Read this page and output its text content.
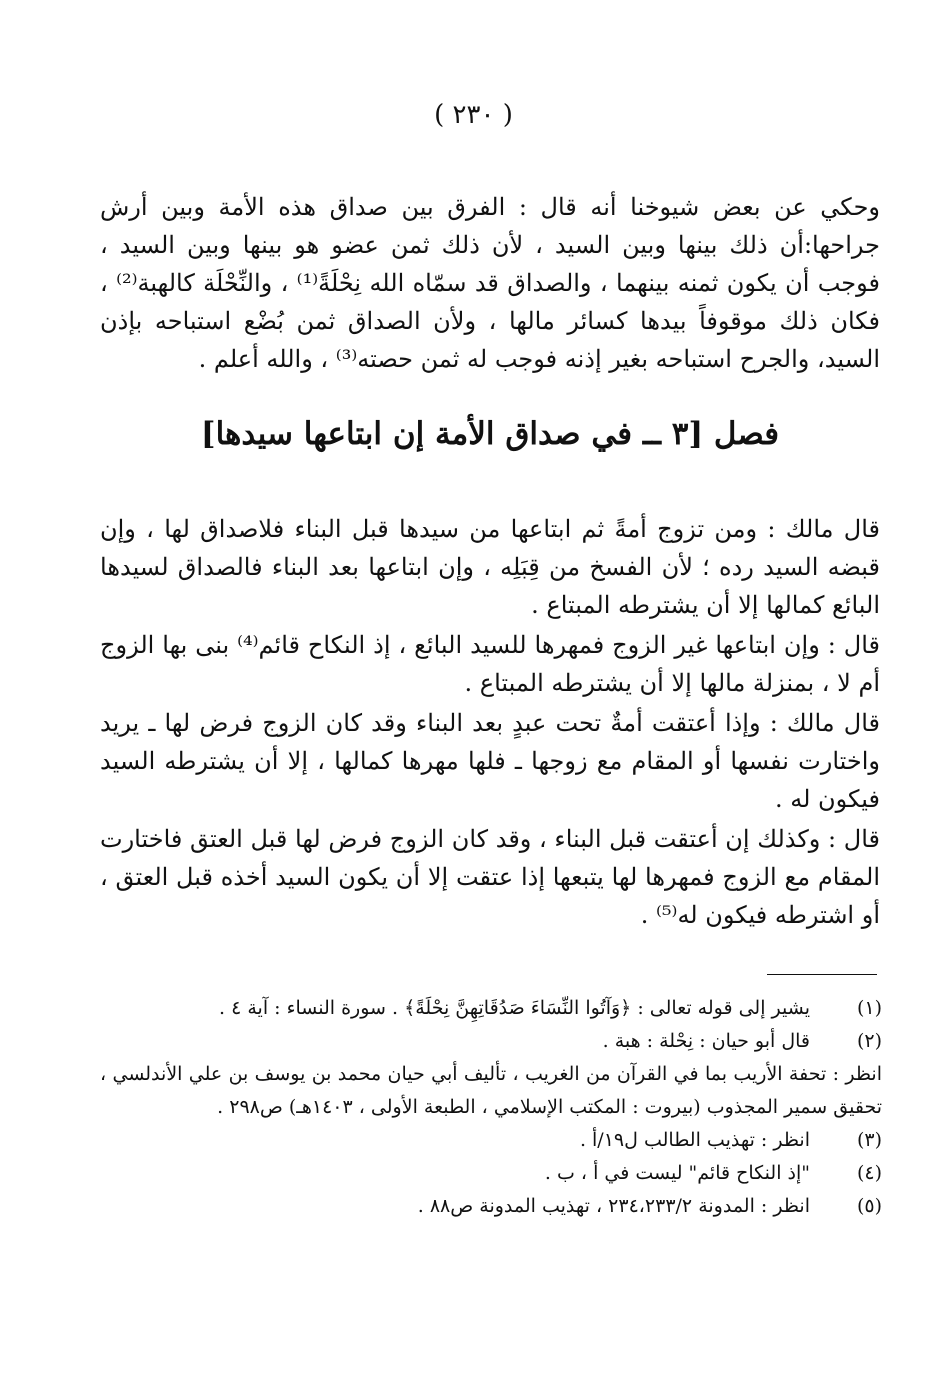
( ٢٣٠ )

وحكي عن بعض شيوخنا أنه قال : الفرق بين صداق هذه الأمة وبين أرش جراحها:أن ذلك بينها وبين السيد ، لأن ذلك ثمن عضو هو بينها وبين السيد ، فوجب أن يكون ثمنه بينهما ، والصداق قد سمّاه الله نِحْلَةً⁽¹⁾ ، والنِّحْلَة كالهبة⁽²⁾ ، فكان ذلك موقوفاً بيدها كسائر مالها ، ولأن الصداق ثمن بُضْع استباحه بإذن السيد، والجرح استباحه بغير إذنه فوجب له ثمن حصته⁽³⁾ ، والله أعلم .

فصل [٣ ــ في صداق الأمة إن ابتاعها سيدها]

قال مالك : ومن تزوج أمةً ثم ابتاعها من سيدها قبل البناء فلاصداق لها ، وإن قبضه السيد رده ؛ لأن الفسخ من قِبَلِه ، وإن ابتاعها بعد البناء فالصداق لسيدها البائع كمالها إلا أن يشترطه المبتاع .

قال : وإن ابتاعها غير الزوج فمهرها للسيد البائع ، إذ النكاح قائم⁽⁴⁾ بنى بها الزوج أم لا ، بمنزلة مالها إلا أن يشترطه المبتاع .

قال مالك : وإذا أعتقت أمةٌ تحت عبدٍ بعد البناء وقد كان الزوج فرض لها ـ يريد واختارت نفسها أو المقام مع زوجها ـ فلها مهرها كمالها ، إلا أن يشترطه السيد فيكون له .

قال : وكذلك إن أعتقت قبل البناء ، وقد كان الزوج فرض لها قبل العتق فاختارت المقام مع الزوج فمهرها لها يتبعها إذا عتقت إلا أن يكون السيد أخذه قبل العتق ، أو اشترطه فيكون له⁽⁵⁾ .

(١)
يشير إلى قوله تعالى : ﴿وَآتُوا النِّسَاءَ صَدُقَاتِهِنَّ نِحْلَةً﴾ . سورة النساء : آية ٤ .
(٢)
قال أبو حيان : نِحْلة : هبة .
انظر : تحفة الأريب بما في القرآن من الغريب ، تأليف أبي حيان محمد بن يوسف بن علي الأندلسي ، تحقيق سمير المجذوب (بيروت : المكتب الإسلامي ، الطبعة الأولى ، ١٤٠٣هـ) ص٢٩٨ .
(٣)
انظر : تهذيب الطالب ل١٩/أ .
(٤)
"إذ النكاح قائم" ليست في أ ، ب .
(٥)
انظر : المدونة ٢٣٤،٢٣٣/٢ ، تهذيب المدونة ص٨٨ .
